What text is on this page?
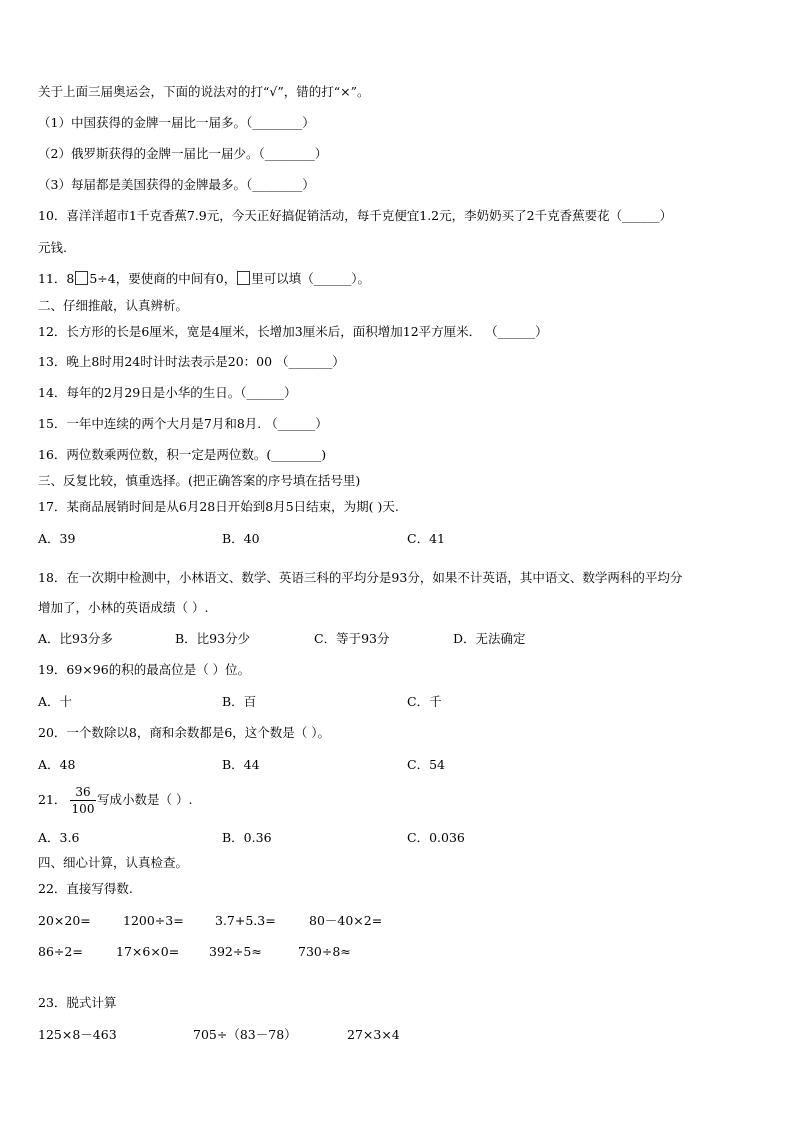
关于上面三届奥运会，下面的说法对的打“√”，错的打“×”。
（1）中国获得的金牌一届比一届多。（________）
（2）俄罗斯获得的金牌一届比一届少。（________）
（3）每届都是美国获得的金牌最多。（________）
10．喜洋洋超市1千克香蕉7.9元，今天正好搞促销活动，每千克便宜1.2元，李奶奶买了2千克香蕉要花（______）
元钱.
11．8 5÷4，要使商的中间有0， 里可以填（______）。
二、仔细推敲，认真辨析。
12．长方形的长是6厘米，宽是4厘米，长增加3厘米后，面积增加12平方厘米． （______）
13．晚上8时用24时计时法表示是20：00 （_______）
14．每年的2月29日是小华的生日。（______）
15．一年中连续的两个大月是7月和8月. （______）
16．两位数乘两位数，积一定是两位数。(________)
三、反复比较，慎重选择。(把正确答案的序号填在括号里)
17．某商品展销时间是从6月28日开始到8月5日结束，为期( )天.
A．39	B．40	C．41
18．在一次期中检测中，小林语文、数学、英语三科的平均分是93分，如果不计英语，其中语文、数学两科的平均分
增加了，小林的英语成绩（ ）.
A．比93分多	B．比93分少	C．等于93分	D．无法确定
19．69×96的积的最高位是（ ）位。
A．十	B．百	C．千
20．一个数除以8，商和余数都是6，这个数是（ ）。
A．48	B．44	C．54
21． 36
100
写成小数是（ ）.
A．3.6	B．0.36	C．0.036
四、细心计算，认真检查。
22．直接写得数.
20×20=	1200÷3=	3.7+5.3=	80－40×2=
86÷2=	17×6×0= 392÷5≈	730÷8≈
23．脱式计算
125×8－463	705÷（83－78）	27×3×4
